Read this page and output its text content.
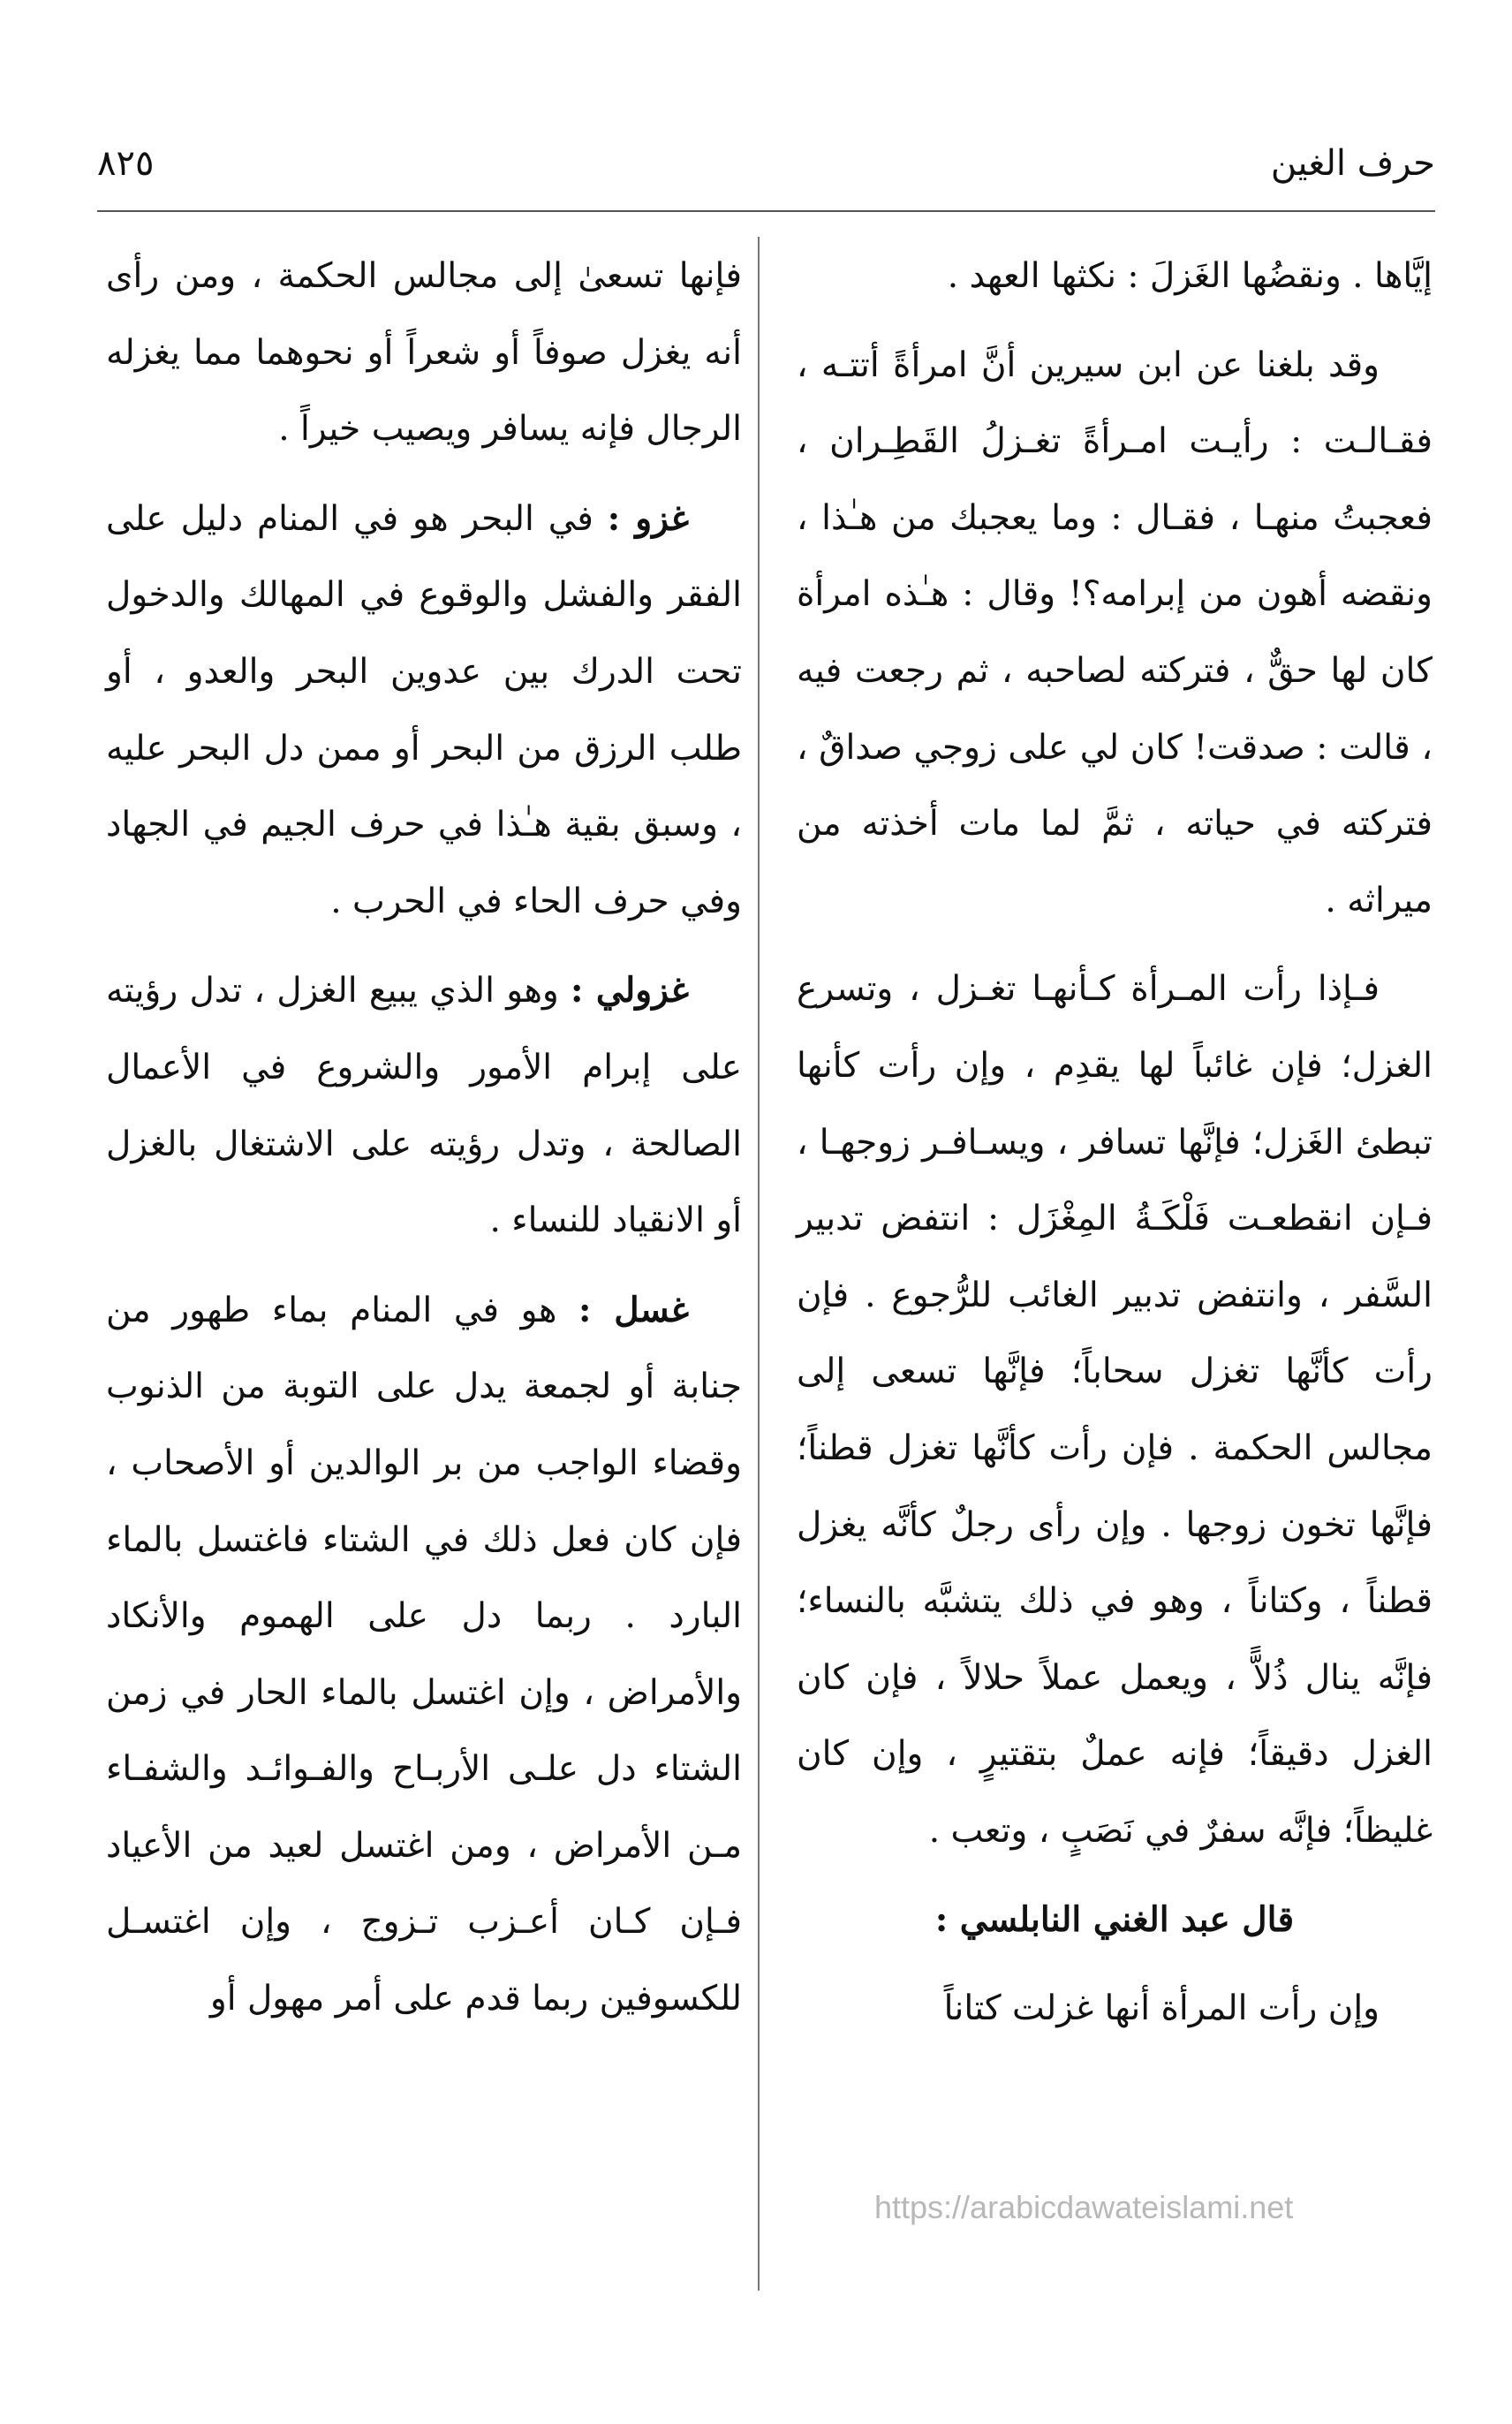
٨٢٥	حرف الغين

إيَّاها . ونقضُها الغَزلَ : نكثها العهد .

وقد بلغنا عن ابن سيرين أنَّ امرأةً أتتـه ، فقـالـت : رأيـت امـرأةً تغـزلُ القَطِـران ، فعجبتُ منهـا ، فقـال : وما يعجبك من هـٰذا ، ونقضه أهون من إبرامه؟! وقال : هـٰذه امرأة كان لها حقٌّ ، فتركته لصاحبه ، ثم رجعت فيه ، قالت : صدقت! كان لي على زوجي صداقٌ ، فتركته في حياته ، ثمَّ لما مات أخذته من ميراثه .

فـإذا رأت المـرأة كـأنهـا تغـزل ، وتسرع الغزل؛ فإن غائباً لها يقدِم ، وإن رأت كأنها تبطئ الغَزل؛ فإنَّها تسافر ، ويسـافـر زوجهـا ، فـإن انقطعـت فَلْكَـةُ المِغْزَل : انتفض تدبير السَّفر ، وانتفض تدبير الغائب للرُّجوع . فإن رأت كأنَّها تغزل سحاباً؛ فإنَّها تسعى إلى مجالس الحكمة . فإن رأت كأنَّها تغزل قطناً؛ فإنَّها تخون زوجها . وإن رأى رجلٌ كأنَّه يغزل قطناً ، وكتاناً ، وهو في ذلك يتشبَّه بالنساء؛ فإنَّه ينال ذُلاًّ ، ويعمل عملاً حلالاً ، فإن كان الغزل دقيقاً؛ فإنه عملٌ بتقتيرٍ ، وإن كان غليظاً؛ فإنَّه سفرٌ في نَصَبٍ ، وتعب .

قال عبد الغني النابلسي :

وإن رأت المرأة أنها غزلت كتاناً

فإنها تسعىٰ إلى مجالس الحكمة ، ومن رأى أنه يغزل صوفاً أو شعراً أو نحوهما مما يغزله الرجال فإنه يسافر ويصيب خيراً .

غزو : في البحر هو في المنام دليل على الفقر والفشل والوقوع في المهالك والدخول تحت الدرك بين عدوين البحر والعدو ، أو طلب الرزق من البحر أو ممن دل البحر عليه ، وسبق بقية هـٰذا في حرف الجيم في الجهاد وفي حرف الحاء في الحرب .

غزولي : وهو الذي يبيع الغزل ، تدل رؤيته على إبرام الأمور والشروع في الأعمال الصالحة ، وتدل رؤيته على الاشتغال بالغزل أو الانقياد للنساء .

غسل : هو في المنام بماء طهور من جنابة أو لجمعة يدل على التوبة من الذنوب وقضاء الواجب من بر الوالدين أو الأصحاب ، فإن كان فعل ذلك في الشتاء فاغتسل بالماء البارد . ربما دل على الهموم والأنكاد والأمراض ، وإن اغتسل بالماء الحار في زمن الشتاء دل علـى الأربـاح والفـوائـد والشفـاء مـن الأمراض ، ومن اغتسل لعيد من الأعياد فـإن كـان أعـزب تـزوج ، وإن اغتسـل للكسوفين ربما قدم على أمر مهول أو

https://arabicdawateislami.net
